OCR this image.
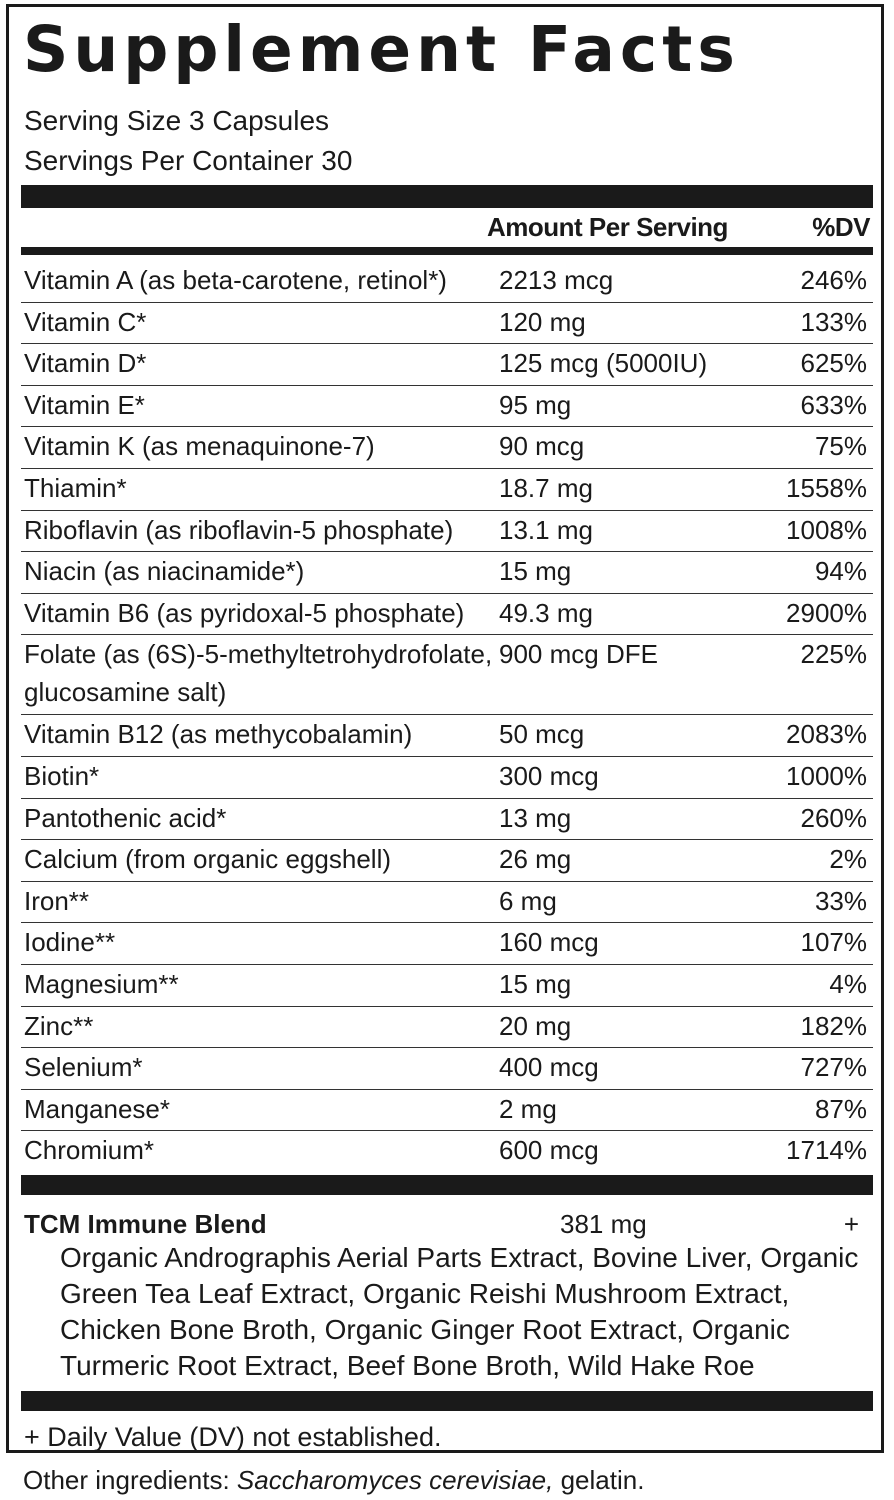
Supplement Facts
Serving Size 3 Capsules
Servings Per Container 30
Amount Per Serving	%DV
Vitamin A (as beta-carotene, retinol*) 2213 mcg	246%
Vitamin C*	120 mg	133%
Vitamin D*	125 mcg (5000IU)	625%
Vitamin E*	95 mg	633%
Vitamin K (as menaquinone-7)	90 mcg	75%
Thiamin*	18.7 mg	1558%
Riboflavin (as riboflavin-5 phosphate) 13.1 mg	1008%
Niacin (as niacinamide*)	15 mg	94%
Vitamin B6 (as pyridoxal-5 phosphate) 49.3 mg	2900%
Folate (as (6S)-5-methyltetrohydrofolate, glucosamine salt)
900 mcg DFE	225%
Vitamin B12 (as methycobalamin)	50 mcg	2083%
Biotin*	300 mcg	1000%
Pantothenic acid*	13 mg	260%
Calcium (from organic eggshell)	26 mg	2%
Iron**	6 mg	33%
Iodine**	160 mcg	107%
Magnesium**	15 mg	4%
Zinc**	20 mg	182%
Selenium*	400 mcg	727%
Manganese*	2 mg	87%
Chromium*	600 mcg	1714%
TCM Immune Blend	381 mg	+
Organic Andrographis Aerial Parts Extract, Bovine Liver, Organic Green Tea Leaf Extract, Organic Reishi Mushroom Extract, Chicken Bone Broth, Organic Ginger Root Extract, Organic Turmeric Root Extract, Beef Bone Broth, Wild Hake Roe
+ Daily Value (DV) not established.
Other ingredients: Saccharomyces cerevisiae, gelatin.
